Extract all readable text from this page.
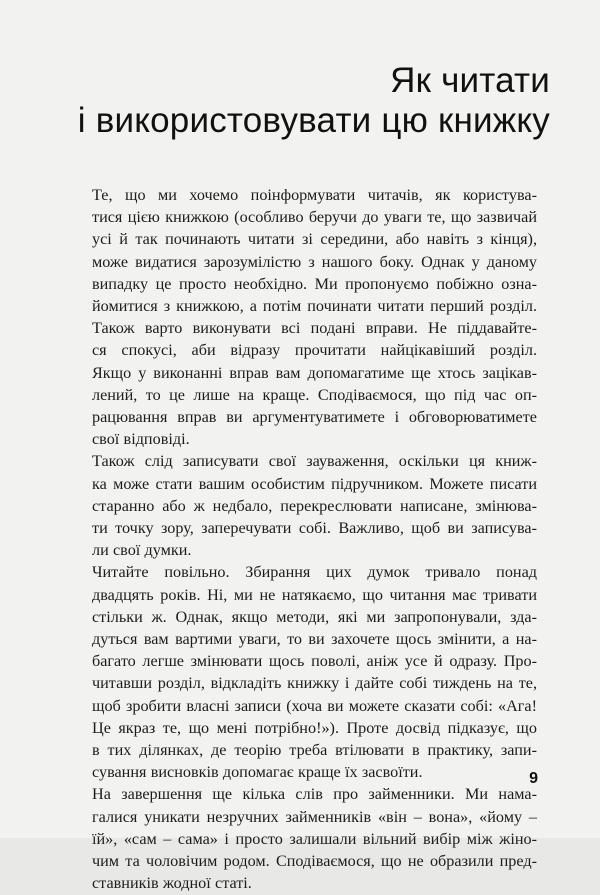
Як читати
і використовувати цю книжку

Те, що ми хочемо поінформувати читачів, як користува-
тися цією книжкою (особливо беручи до уваги те, що зазвичай
усі й так починають читати зі середини, або навіть з кінця),
може видатися зарозумілістю з нашого боку. Однак у даному
випадку це просто необхідно. Ми пропонуємо побіжно озна-
йомитися з книжкою, а потім починати читати перший розділ.
Також варто виконувати всі подані вправи. Не піддавайте-
ся спокусі, аби відразу прочитати найцікавіший розділ.
Якщо у виконанні вправ вам допомагатиме ще хтось зацікав-
лений, то це лише на краще. Сподіваємося, що під час оп-
рацювання вправ ви аргументуватимете і обговорюватимете
свої відповіді.

Також слід записувати свої зауваження, оскільки ця книж-
ка може стати вашим особистим підручником. Можете писати
старанно або ж недбало, перекреслювати написане, змінюва-
ти точку зору, заперечувати собі. Важливо, щоб ви записува-
ли свої думки.

Читайте повільно. Збирання цих думок тривало понад
двадцять років. Ні, ми не натякаємо, що читання має тривати
стільки ж. Однак, якщо методи, які ми запропонували, зда-
дуться вам вартими уваги, то ви захочете щось змінити, а на-
багато легше змінювати щось поволі, аніж усе й одразу. Про-
читавши розділ, відкладіть книжку і дайте собі тиждень на те,
щоб зробити власні записи (хоча ви можете сказати собі: «Ага!
Це якраз те, що мені потрібно!»). Проте досвід підказує, що
в тих ділянках, де теорію треба втілювати в практику, запи-
сування висновків допомагає краще їх засвоїти.

На завершення ще кілька слів про займенники. Ми нама-
галися уникати незручних займенників «він – вона», «йому –
їй», «сам – сама» і просто залишали вільний вибір між жіно-
чим та чоловічим родом. Сподіваємося, що не образили пред-
ставників жодної статі.

9
